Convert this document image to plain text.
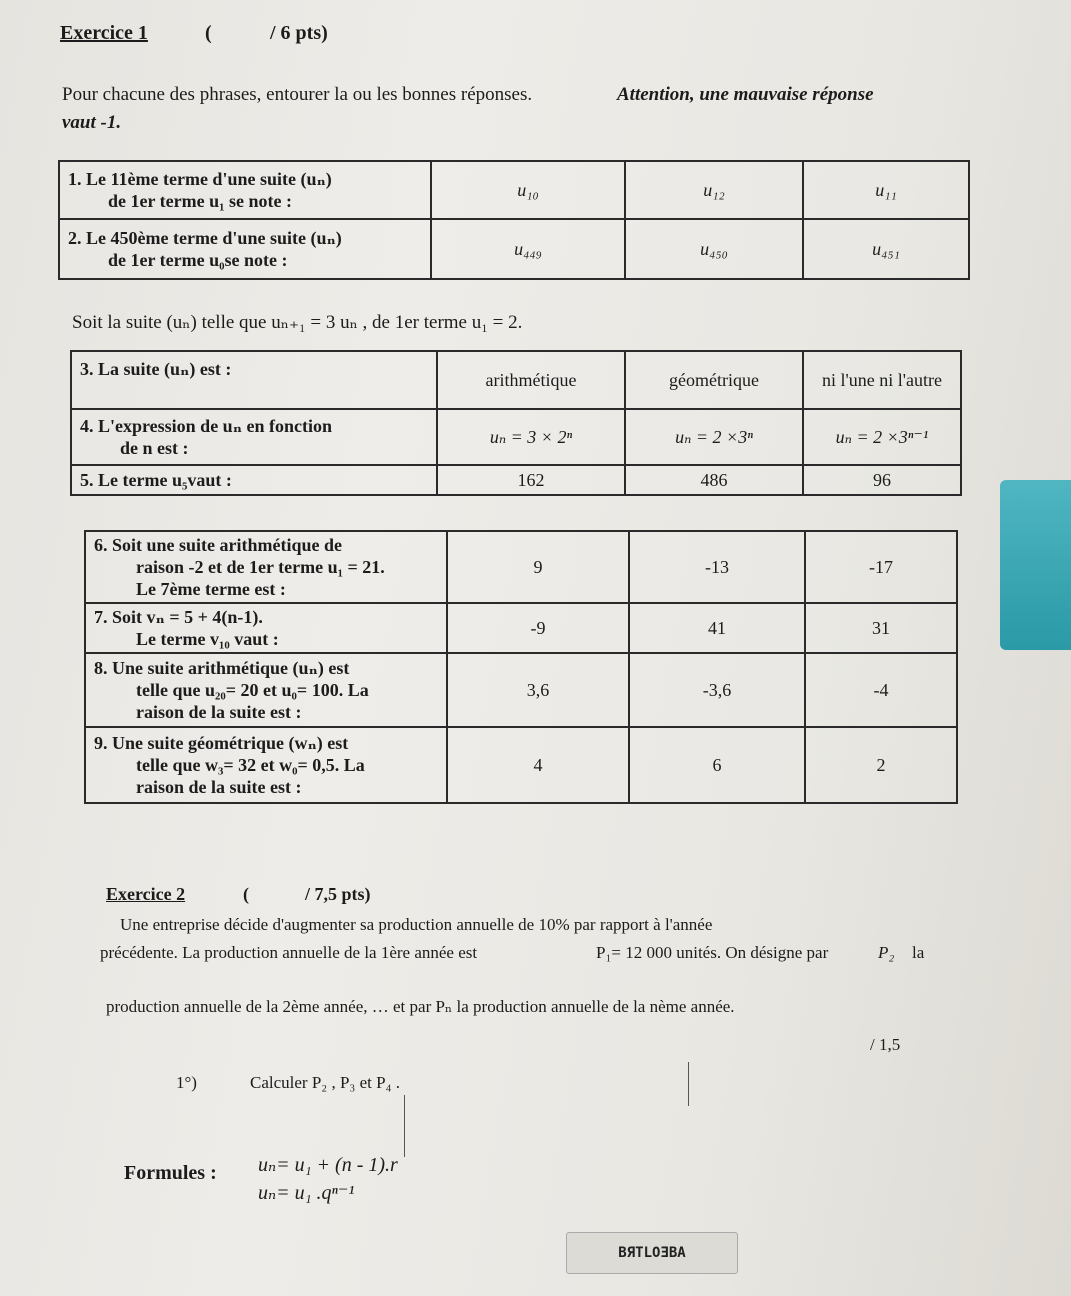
Exercice 1	(	/ 6 pts)
Pour chacune des phrases, entourer la ou les bonnes réponses.	Attention, une mauvaise réponse
vaut -1.
1. Le 11ème terme d'une suite (uₙ)
de 1er terme u₁ se note :	u₁₀	u₁₂	u₁₁

2. Le 450ème terme d'une suite (uₙ)
de 1er terme u₀se note :	u₄₄₉	u₄₅₀	u₄₅₁
Soit la suite (uₙ) telle que uₙ₊₁ = 3 uₙ , de 1er terme u₁ = 2.
3. La suite (uₙ) est :	arithmétique	géométrique	ni l'une ni l'autre

4. L'expression de uₙ en fonction
de n est :	uₙ = 3 × 2ⁿ	uₙ = 2 ×3ⁿ	uₙ = 2 ×3ⁿ⁻¹

5. Le terme u₅vaut :	162	486	96
6. Soit une suite arithmétique de
raison -2 et de 1er terme u₁ = 21.
Le 7ème terme est :	9	-13	-17

7. Soit vₙ = 5 + 4(n-1).
Le terme v₁₀ vaut :	-9	41	31

8. Une suite arithmétique (uₙ) est
telle que u₂₀= 20 et u₀= 100. La
raison de la suite est :	3,6	-3,6	-4

9. Une suite géométrique (wₙ) est
telle que w₃= 32 et w₀= 0,5. La
raison de la suite est :	4	6	2
Exercice 2	(	/ 7,5 pts)
Une entreprise décide d'augmenter sa production annuelle de 10% par rapport à l'année
précédente. La production annuelle de la 1ère année est	P₁= 12 000 unités. On désigne par	P₂ la
production annuelle de la 2ème année, … et par Pₙ la production annuelle de la nème année.
/ 1,5
1°)	Calculer P₂ , P₃ et P₄ .
Formules : uₙ= u₁ + (n - 1).r
uₙ= u₁ .qⁿ⁻¹
BЯTLOƎBA
